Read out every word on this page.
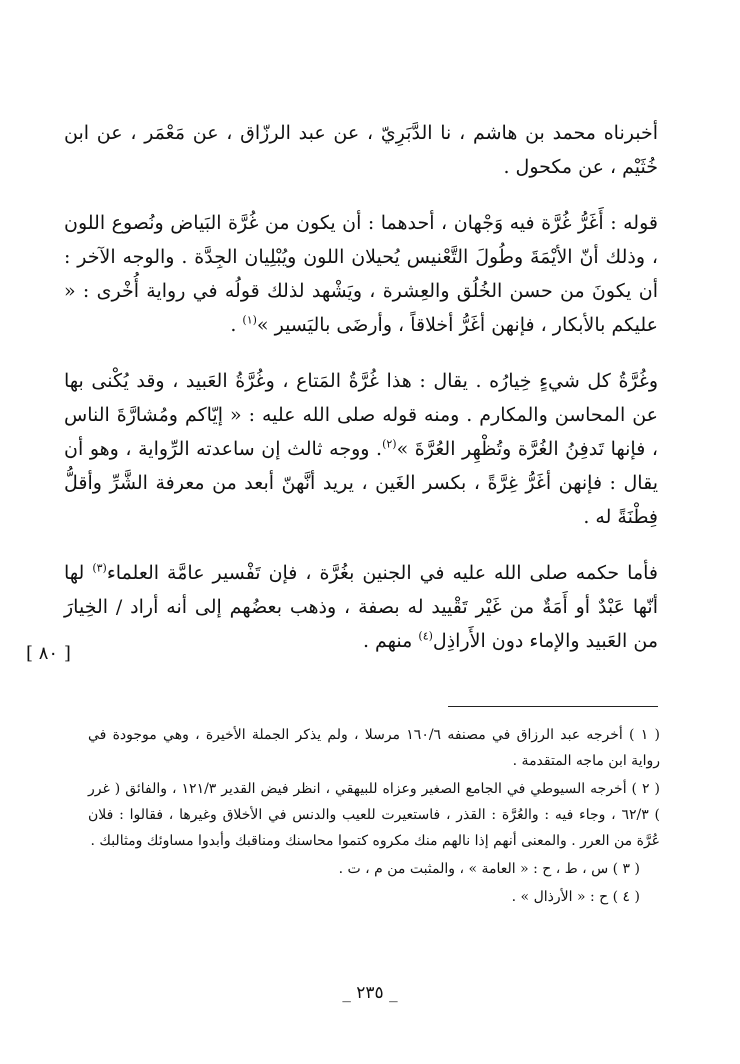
أخبرناه محمد بن هاشم ، نا الدَّبَرِيّ ، عن عبد الرزّاق ، عن مَعْمَر ، عن ابن خُثَيْم ، عن مكحول .

قوله : أَغَرُّ غُرَّة فيه وَجْهان ، أحدهما : أن يكون من غُرَّة البَياض ونُصوع اللون ، وذلك أنّ الأيْمَةَ وطُولَ التَّعْنيس يُحيلان اللون ويُبْلِيان الجِدَّة . والوجه الآخر : أن يكونَ من حسن الخُلُق والعِشرة ، ويَشْهد لذلك قولُه في رواية أُخْرى : « عليكم بالأبكار ، فإنهن أغَرُّ أخلاقاً ، وأرضَى باليَسير »$^{(١)}$ .

وغُرَّةُ كل شيءٍ خِيارُه . يقال : هذا غُرَّةُ المَتاع ، وغُرَّةُ العَبيد ، وقد يُكْنى بها عن المحاسن والمكارم . ومنه قوله صلى الله عليه : « إيّاكم ومُشارَّةَ الناس ، فإنها تَدفِنُ الغُرَّة وتُظْهِر العُرَّةَ »$^{(٢)}$. ووجه ثالث إن ساعدته الرِّواية ، وهو أن يقال : فإنهن أغَرُّ غِرَّةً ، بكسر الغَين ، يريد أنَّهنّ أبعد من معرفة الشَّرِّ وأقلُّ فِطْنَةً له .

فأما حكمه صلى الله عليه في الجنين بغُرَّة ، فإن تَفْسير عامَّة العلماء$^{(٣)}$ لها أنّها عَبْدٌ أو أَمَةٌ من غَيْر تَقْييد له بصفة ، وذهب بعضُهم إلى أنه أراد / الخِيارَ من العَبيد والإماء دون الأَراذِل$^{(٤)}$ منهم .

[ ٨٠ ]

( ١ ) أخرجه عبد الرزاق في مصنفه ١٦٠/٦ مرسلا ، ولم يذكر الجملة الأخيرة ، وهي موجودة في رواية ابن ماجه المتقدمة .

( ٢ ) أخرجه السيوطي في الجامع الصغير وعزاه للبيهقي ، انظر فيض القدير ١٢١/٣ ، والفائق ( غرر ) ٦٢/٣ ، وجاء فيه : والعُرَّة : القذر ، فاستعيرت للعيب والدنس في الأخلاق وغيرها ، فقالوا : فلان عُرَّة من العرر . والمعنى أنهم إذا نالهم منك مكروه كتموا محاسنك ومناقبك وأبدوا مساوئك ومثالبك .

( ٣ ) س ، ط ، ح : « العامة » ، والمثبت من م ، ت .

( ٤ ) ح : « الأرذال » .

_ ٢٣٥ _
